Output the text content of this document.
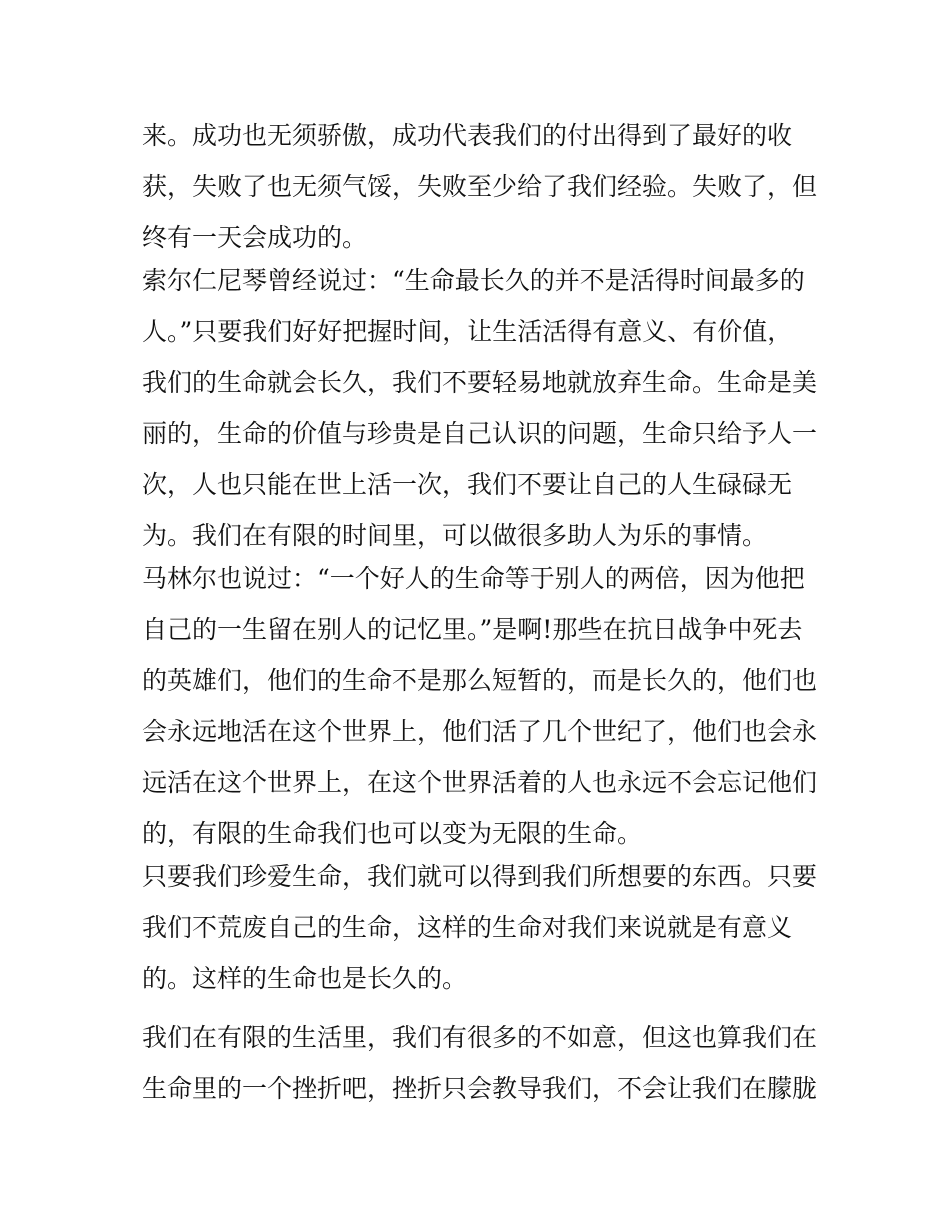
来。成功也无须骄傲，成功代表我们的付出得到了最好的收
获，失败了也无须气馁，失败至少给了我们经验。失败了，但
终有一天会成功的。
索尔仁尼琴曾经说过：“生命最长久的并不是活得时间最多的
人。”只要我们好好把握时间，让生活活得有意义、有价值，
我们的生命就会长久，我们不要轻易地就放弃生命。生命是美
丽的，生命的价值与珍贵是自己认识的问题，生命只给予人一
次，人也只能在世上活一次，我们不要让自己的人生碌碌无
为。我们在有限的时间里，可以做很多助人为乐的事情。
马林尔也说过：“一个好人的生命等于别人的两倍，因为他把
自己的一生留在别人的记忆里。”是啊!那些在抗日战争中死去
的英雄们，他们的生命不是那么短暂的，而是长久的，他们也
会永远地活在这个世界上，他们活了几个世纪了，他们也会永
远活在这个世界上，在这个世界活着的人也永远不会忘记他们
的，有限的生命我们也可以变为无限的生命。
只要我们珍爱生命，我们就可以得到我们所想要的东西。只要
我们不荒废自己的生命，这样的生命对我们来说就是有意义
的。这样的生命也是长久的。
我们在有限的生活里，我们有很多的不如意，但这也算我们在
生命里的一个挫折吧，挫折只会教导我们，不会让我们在朦胧
